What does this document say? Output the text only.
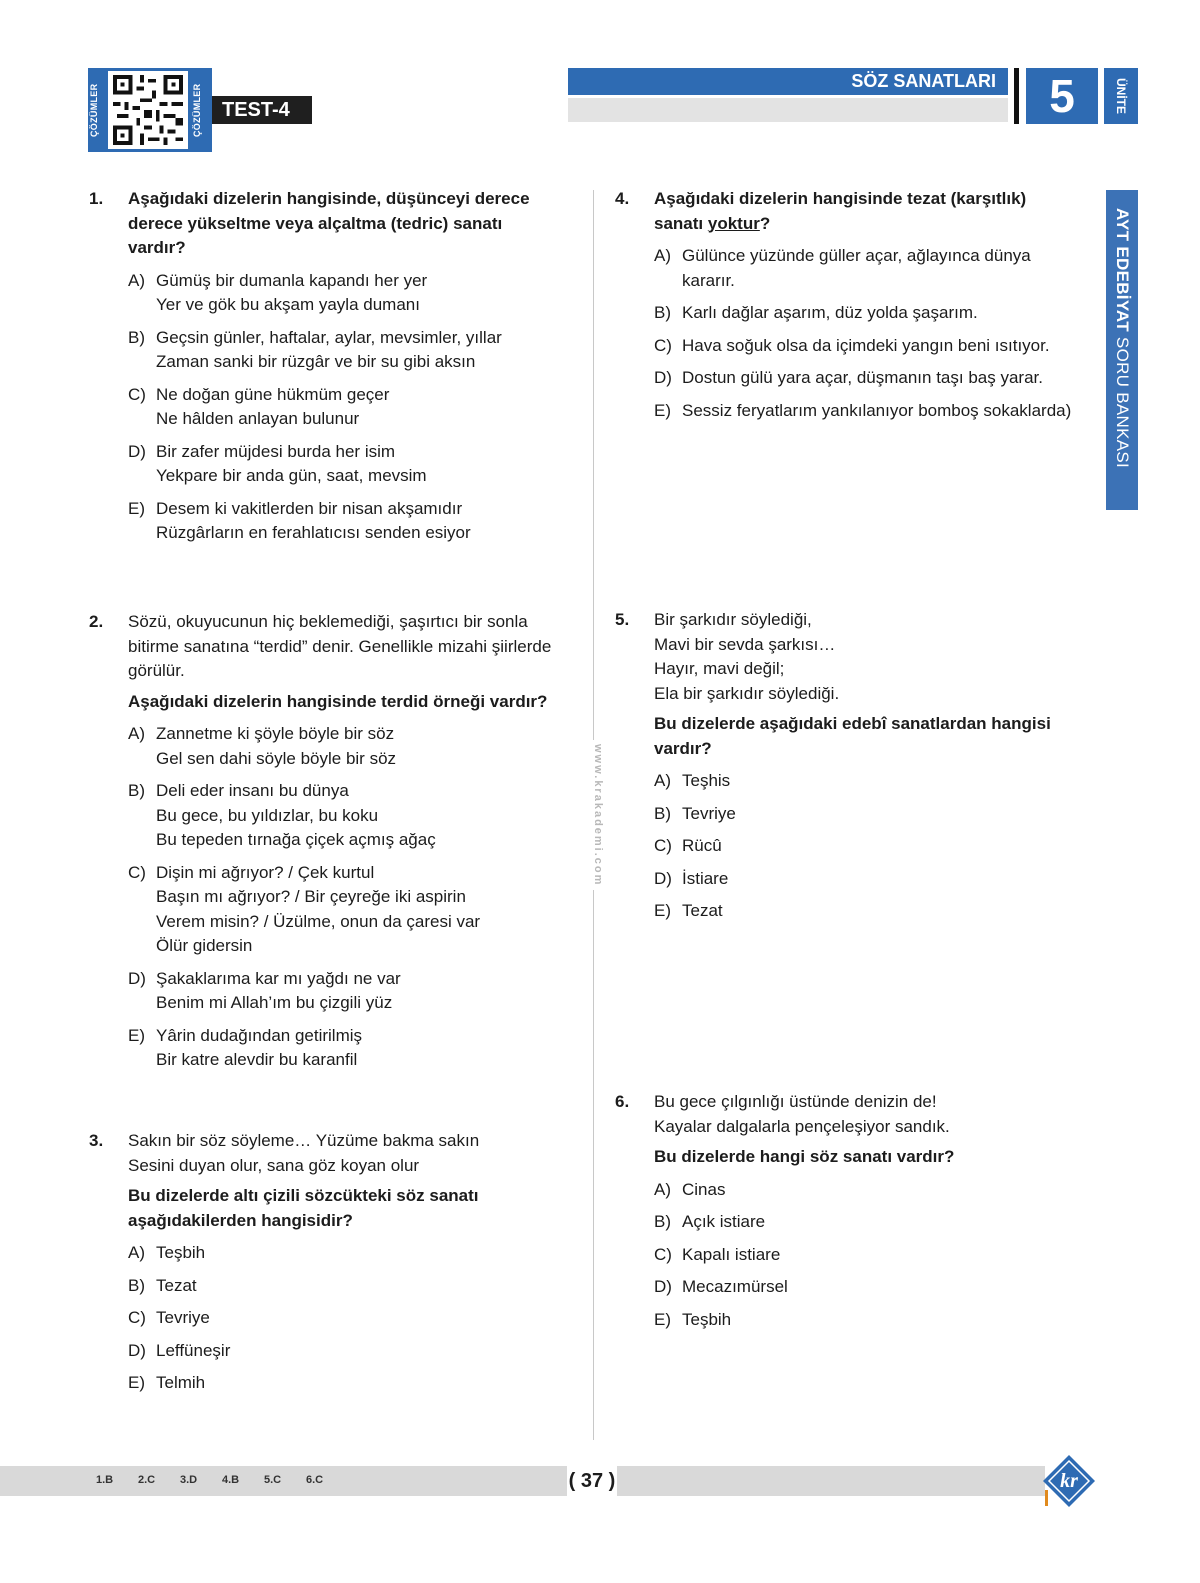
ÇÖZÜMLER	ÇÖZÜMLER	TEST-4
SÖZ SANATLARI	5	ÜNİTE
AYT EDEBİYAT SORU BANKASI
www.krakademi.com
1. Aşağıdaki dizelerin hangisinde, düşünceyi derece

derece yükseltme veya alçaltma (tedric) sanatı

vardır?

A) Gümüş bir dumanla kapandı her yer
Yer ve gök bu akşam yayla dumanı
B) Geçsin günler, haftalar, aylar, mevsimler, yıllar
Zaman sanki bir rüzgâr ve bir su gibi aksın
C) Ne doğan güne hükmüm geçer
Ne hâlden anlayan bulunur
D) Bir zafer müjdesi burda her isim
Yekpare bir anda gün, saat, mevsim
E) Desem ki vakitlerden bir nisan akşamıdır
Rüzgârların en ferahlatıcısı senden esiyor
2. Sözü, okuyucunun hiç beklemediği, şaşırtıcı bir sonla

bitirme sanatına “terdid” denir. Genellikle mizahi şiirlerde

görülür.

Aşağıdaki dizelerin hangisinde terdid örneği vardır?

A) Zannetme ki şöyle böyle bir söz
Gel sen dahi söyle böyle bir söz
B) Deli eder insanı bu dünya
Bu gece, bu yıldızlar, bu koku
Bu tepeden tırnağa çiçek açmış ağaç
C) Dişin mi ağrıyor? / Çek kurtul
Başın mı ağrıyor? / Bir çeyreğe iki aspirin
Verem misin? / Üzülme, onun da çaresi var
Ölür gidersin
D) Şakaklarıma kar mı yağdı ne var
Benim mi Allah’ım bu çizgili yüz
E) Yârin dudağından getirilmiş
Bir katre alevdir bu karanfil
3. Sakın bir söz söyleme… Yüzüme bakma sakın

Sesini duyan olur, sana göz koyan olur

Bu dizelerde altı çizili sözcükteki söz sanatı

aşağıdakilerden hangisidir?

A) Teşbih
B) Tezat
C) Tevriye
D) Leffüneşir
E) Telmih
4. Aşağıdaki dizelerin hangisinde tezat (karşıtlık)

sanatı yoktur?

A) Gülünce yüzünde güller açar, ağlayınca dünya
kararır.
B) Karlı dağlar aşarım, düz yolda şaşarım.
C) Hava soğuk olsa da içimdeki yangın beni ısıtıyor.
D) Dostun gülü yara açar, düşmanın taşı baş yarar.
E) Sessiz feryatlarım yankılanıyor bomboş sokaklarda)
5. Bir şarkıdır söylediği,

Mavi bir sevda şarkısı…

Hayır, mavi değil;

Ela bir şarkıdır söylediği.

Bu dizelerde aşağıdaki edebî sanatlardan hangisi

vardır?

A) Teşhis
B) Tevriye
C) Rücû
D) İstiare
E) Tezat
6. Bu gece çılgınlığı üstünde denizin de!

Kayalar dalgalarla pençeleşiyor sandık.

Bu dizelerde hangi söz sanatı vardır?

A) Cinas
B) Açık istiare
C) Kapalı istiare
D) Mecazımürsel
E) Teşbih
1.B 2.C 3.D 4.B 5.C 6.C	( 37 )	kr
